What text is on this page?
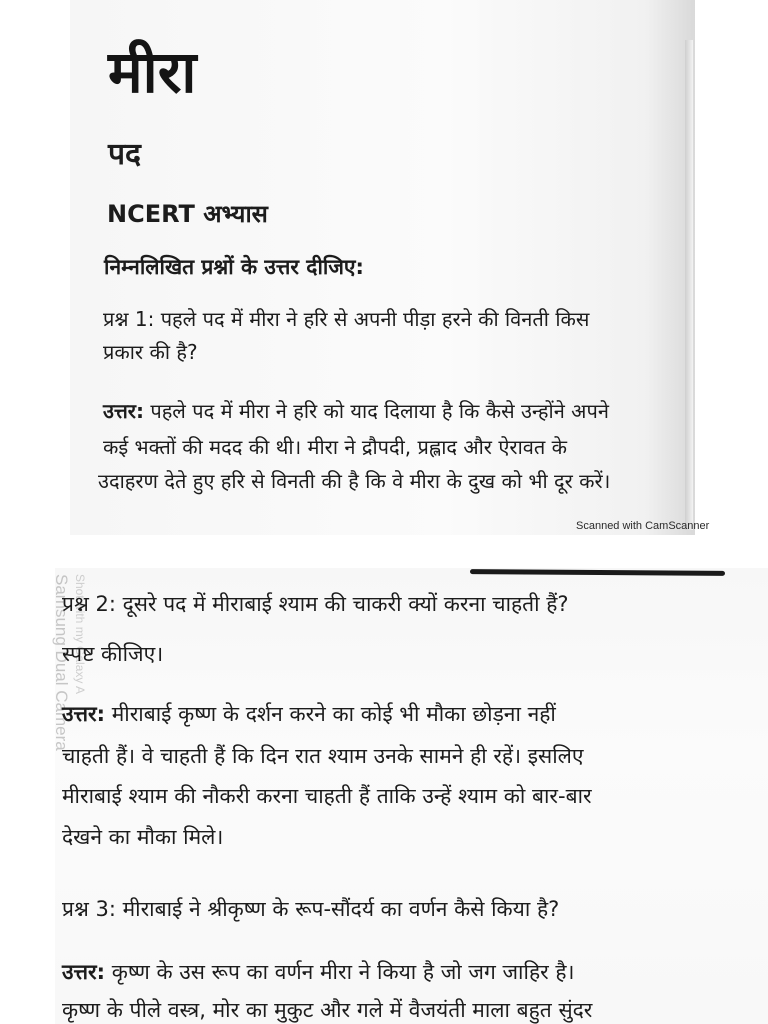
मीरा
पद
NCERT अभ्यास
निम्नलिखित प्रश्नों के उत्तर दीजिए:
प्रश्न 1: पहले पद में मीरा ने हरि से अपनी पीड़ा हरने की विनती किस
प्रकार की है?
उत्तर: पहले पद में मीरा ने हरि को याद दिलाया है कि कैसे उन्होंने अपने
कई भक्तों की मदद की थी। मीरा ने द्रौपदी, प्रह्लाद और ऐरावत के
उदाहरण देते हुए हरि से विनती की है कि वे मीरा के दुख को भी दूर करें।
Scanned with CamScanner
Samsung Dual Camera Shot with my Galaxy A
प्रश्न 2: दूसरे पद में मीराबाई श्याम की चाकरी क्यों करना चाहती हैं?
स्पष्ट कीजिए।
उत्तर: मीराबाई कृष्ण के दर्शन करने का कोई भी मौका छोड़ना नहीं
चाहती हैं। वे चाहती हैं कि दिन रात श्याम उनके सामने ही रहें। इसलिए
मीराबाई श्याम की नौकरी करना चाहती हैं ताकि उन्हें श्याम को बार-बार
देखने का मौका मिले।
प्रश्न 3: मीराबाई ने श्रीकृष्ण के रूप-सौंदर्य का वर्णन कैसे किया है?
उत्तर: कृष्ण के उस रूप का वर्णन मीरा ने किया है जो जग जाहिर है।
कृष्ण के पीले वस्त्र, मोर का मुकुट और गले में वैजयंती माला बहुत सुंदर
